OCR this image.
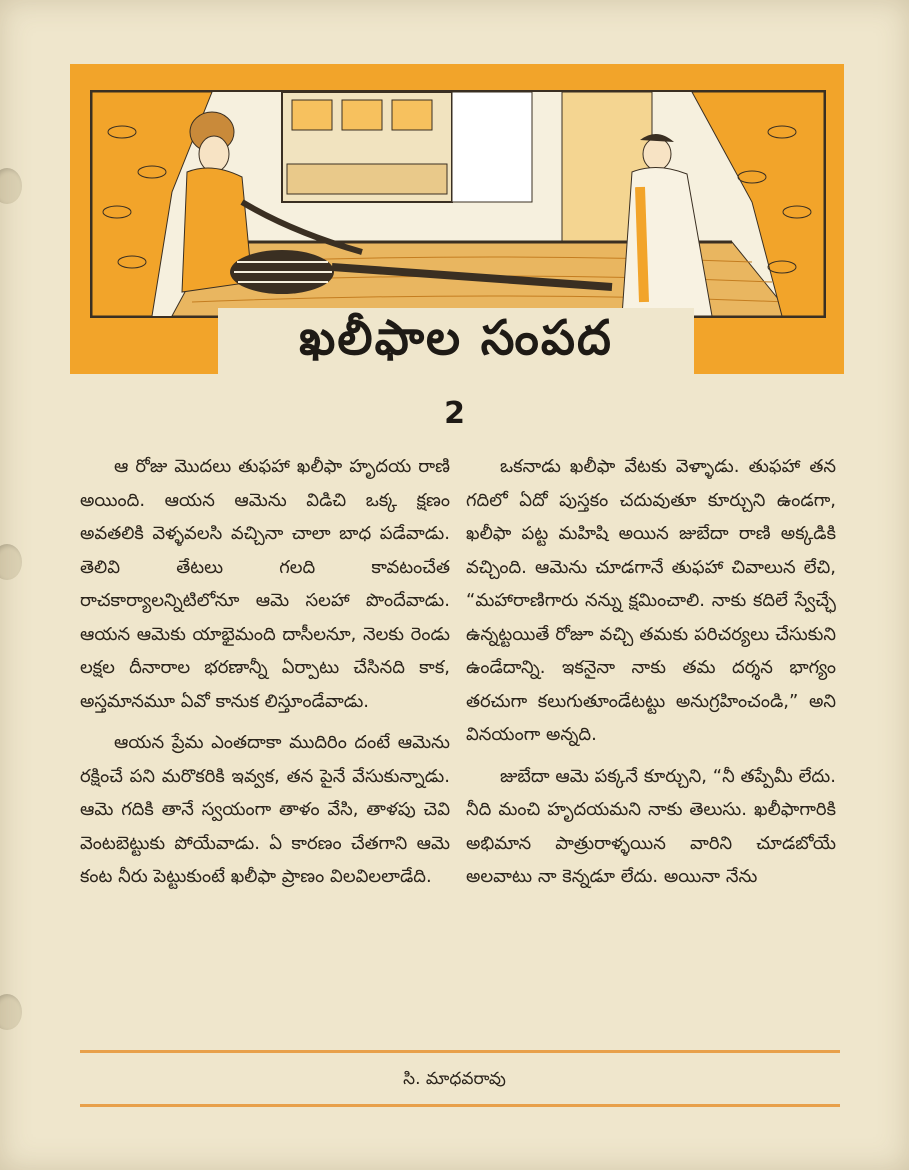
ఖలీఫాల సంపద
2

ఆ రోజు మొదలు తుఫహా ఖలీఫా హృదయ రాణి అయింది. ఆయన ఆమెను విడిచి ఒక్క క్షణం అవతలికి వెళ్ళవలసి వచ్చినా చాలా బాధ పడేవాడు. తెలివి తేటలు గలది కావటంచేత రాచకార్యాలన్నిటిలోనూ ఆమె సలహా పొందేవాడు. ఆయన ఆమెకు యాభైమంది దాసీలనూ, నెలకు రెండు లక్షల దీనారాల భరణాన్నీ ఏర్పాటు చేసినది కాక, అస్తమానమూ ఏవో కానుక లిస్తూండేవాడు.

ఆయన ప్రేమ ఎంతదాకా ముదిరిం దంటే ఆమెను రక్షించే పని మరొకరికి ఇవ్వక, తన పైనే వేసుకున్నాడు. ఆమె గదికి తానే స్వయంగా తాళం వేసి, తాళపు చెవి వెంటబెట్టుకు పోయేవాడు. ఏ కారణం చేతగాని ఆమె కంట నీరు పెట్టుకుంటే ఖలీఫా ప్రాణం విలవిలలాడేది.

ఒకనాడు ఖలీఫా వేటకు వెళ్ళాడు. తుఫహా తన గదిలో ఏదో పుస్తకం చదువుతూ కూర్చుని ఉండగా, ఖలీఫా పట్ట మహిషి అయిన జుబేదా రాణి అక్కడికి వచ్చింది. ఆమెను చూడగానే తుఫహా చివాలున లేచి, “మహారాణిగారు నన్ను క్షమించాలి. నాకు కదిలే స్వేచ్ఛే ఉన్నట్టయితే రోజూ వచ్చి తమకు పరిచర్యలు చేసుకుని ఉండేదాన్ని. ఇకనైనా నాకు తమ దర్శన భాగ్యం తరచుగా కలుగుతూండేటట్టు అనుగ్రహించండి,” అని వినయంగా అన్నది.

జుబేదా ఆమె పక్కనే కూర్చుని, “నీ తప్పేమీ లేదు. నీది మంచి హృదయమని నాకు తెలుసు. ఖలీఫాగారికి అభిమాన పాత్రురాళ్ళయిన వారిని చూడబోయే అలవాటు నా కెన్నడూ లేదు. అయినా నేను

సి. మాధవరావు
